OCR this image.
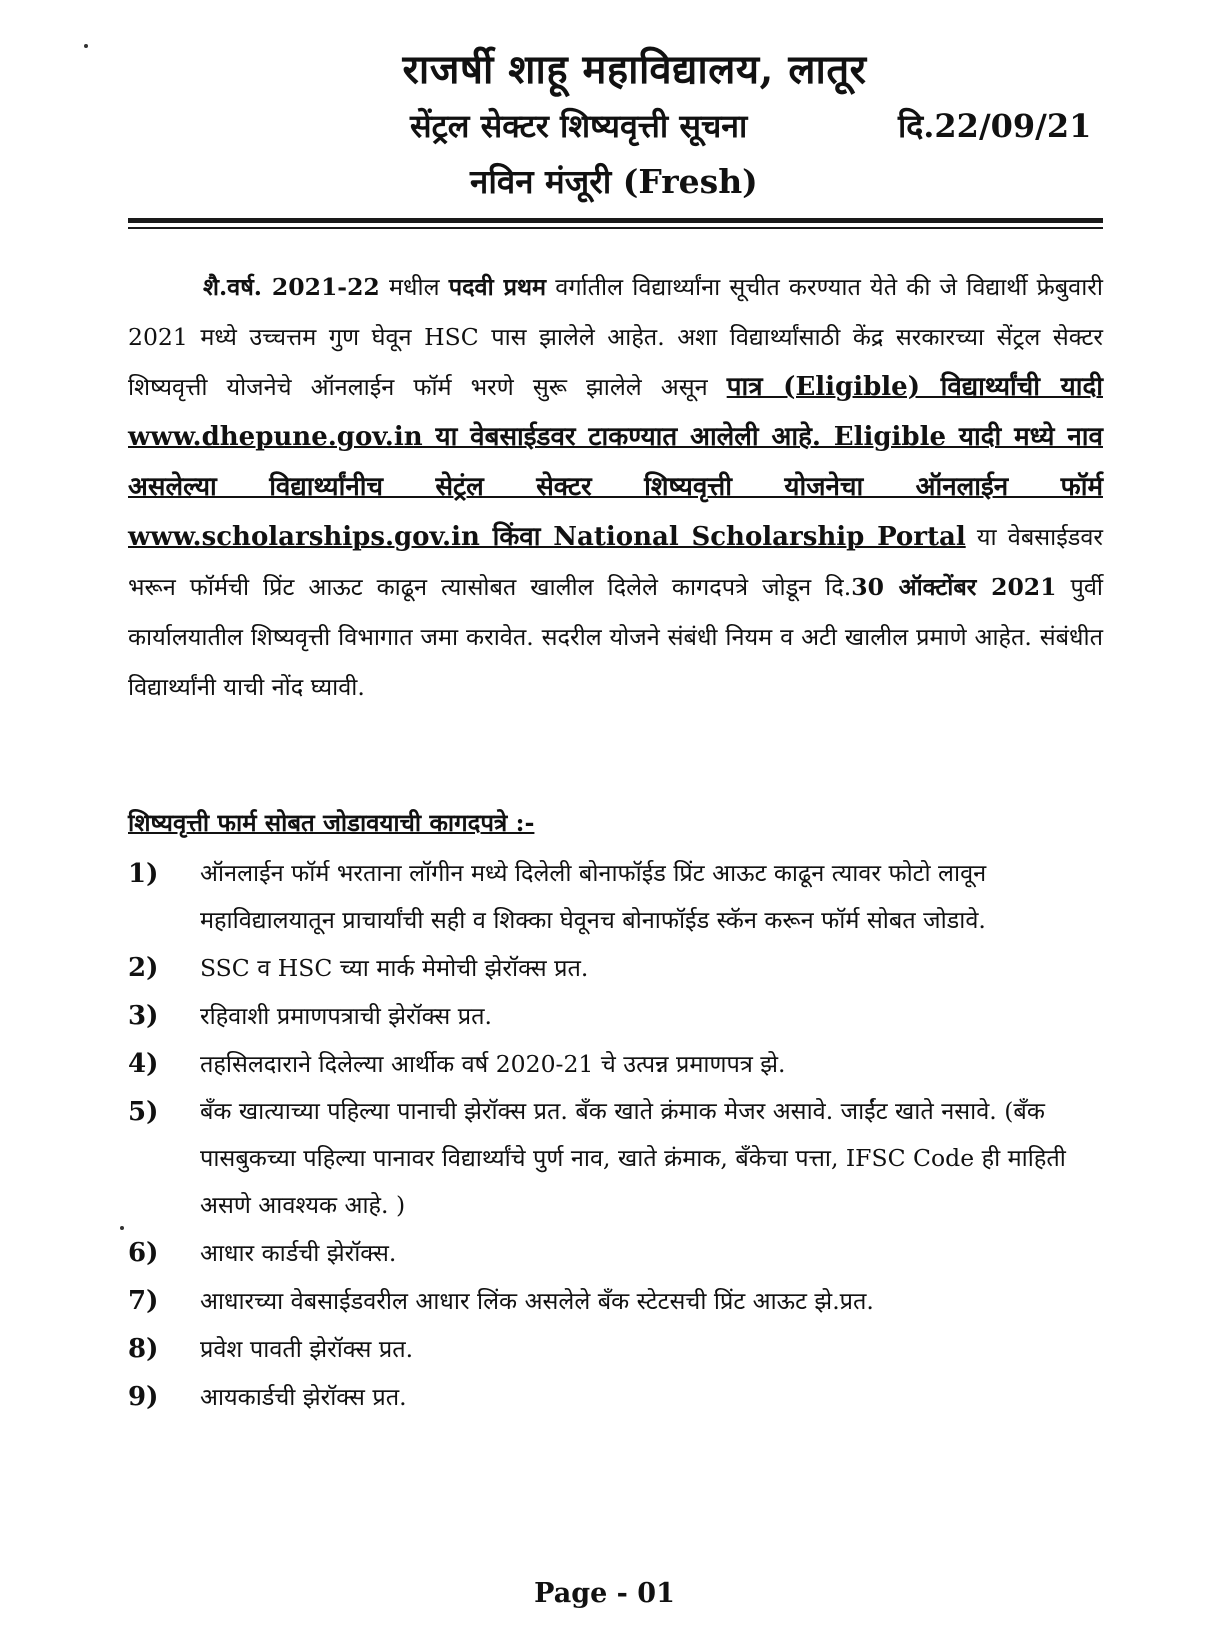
राजर्षी शाहू महाविद्यालय, लातूर
सेंट्रल सेक्टर शिष्यवृत्ती सूचना	दि.22/09/21
नविन मंजूरी (Fresh)

शै.वर्ष. 2021-22 मधील पदवी प्रथम वर्गातील विद्यार्थ्यांना सूचीत करण्यात येते की जे विद्यार्थी फ्रेबुवारी 2021 मध्ये उच्चत्तम गुण घेवून HSC पास झालेले आहेत. अशा विद्यार्थ्यांसाठी केंद्र सरकारच्या सेंट्रल सेक्टर शिष्यवृत्ती योजनेचे ऑनलाईन फॉर्म भरणे सुरू झालेले असून पात्र (Eligible) विद्यार्थ्यांची यादी www.dhepune.gov.in या वेबसाईडवर टाकण्यात आलेली आहे. Eligible यादी मध्ये नाव असलेल्या विद्यार्थ्यांनीच सेट्रंल सेक्टर शिष्यवृत्ती योजनेचा ऑनलाईन फॉर्म www.scholarships.gov.in किंवा National Scholarship Portal या वेबसाईडवर भरून फॉर्मची प्रिंट आऊट काढून त्यासोबत खालील दिलेले कागदपत्रे जोडून दि.30 ऑक्टोंबर 2021 पुर्वी कार्यालयातील शिष्यवृत्ती विभागात जमा करावेत. सदरील योजने संबंधी नियम व अटी खालील प्रमाणे आहेत. संबंधीत विद्यार्थ्यांनी याची नोंद घ्यावी.

शिष्यवृत्ती फार्म सोबत जोडावयाची कागदपत्रे :-
1)	ऑनलाईन फॉर्म भरताना लॉगीन मध्ये दिलेली बोनाफॉईड प्रिंट आऊट काढून त्यावर फोटो लावून महाविद्यालयातून प्राचार्यांची सही व शिक्का घेवूनच बोनाफॉईड स्कॅन करून फॉर्म सोबत जोडावे.
2)	SSC व HSC च्या मार्क मेमोची झेरॉक्स प्रत.
3)	रहिवाशी प्रमाणपत्राची झेरॉक्स प्रत.
4)	तहसिलदाराने दिलेल्या आर्थीक वर्ष 2020-21 चे उत्पन्न प्रमाणपत्र झे.
5)	बॅंक खात्याच्या पहिल्या पानाची झेरॉक्स प्रत. बॅंक खाते क्रंमाक मेजर असावे. जाईंट खाते नसावे. (बॅंक पासबुकच्या पहिल्या पानावर विद्यार्थ्यांचे पुर्ण नाव, खाते क्रंमाक, बॅंकेचा पत्ता, IFSC Code ही माहिती असणे आवश्यक आहे. )
6)	आधार कार्डची झेरॉक्स.
7)	आधारच्या वेबसाईडवरील आधार लिंक असलेले बॅंक स्टेटसची प्रिंट आऊट झे.प्रत.
8)	प्रवेश पावती झेरॉक्स प्रत.
9)	आयकार्डची झेरॉक्स प्रत.
Page - 01
